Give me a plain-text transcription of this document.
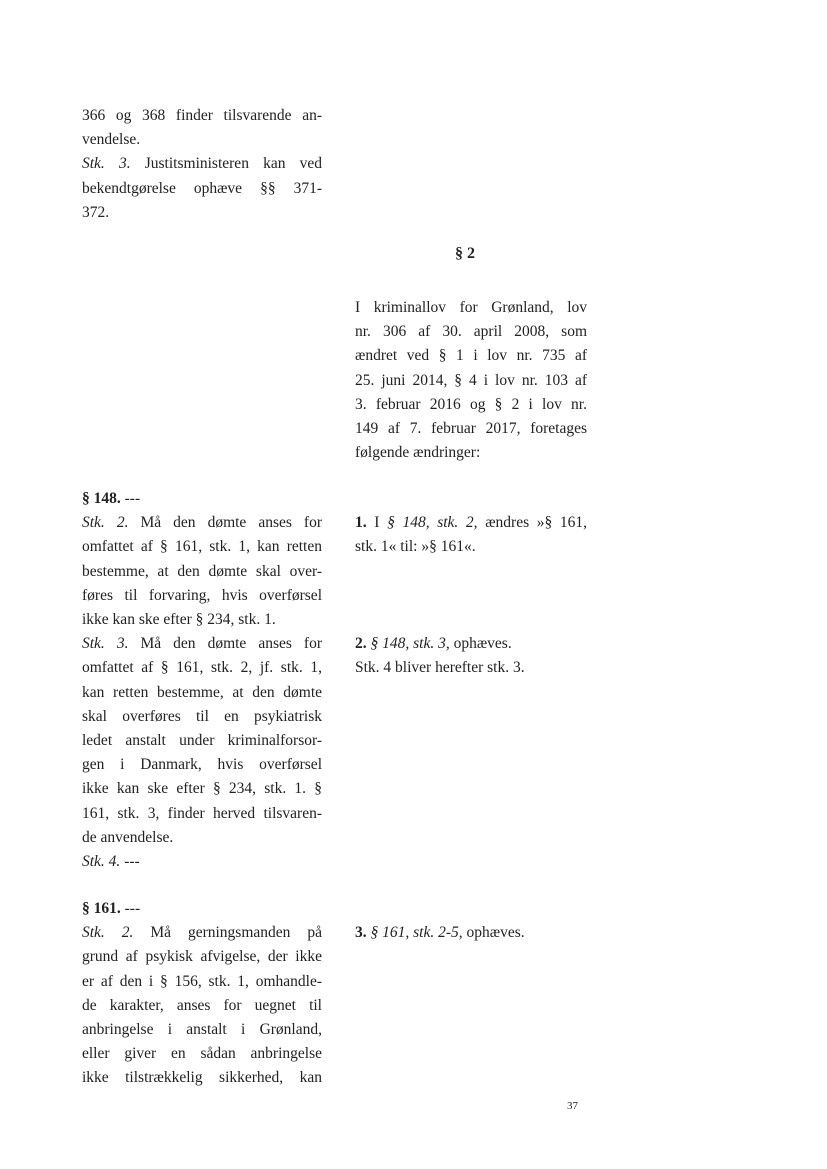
366 og 368 finder tilsvarende an-
vendelse.
Stk. 3. Justitsministeren kan ved
bekendtgørelse ophæve §§ 371-
372.
§ 2
I kriminallov for Grønland, lov
nr. 306 af 30. april 2008, som
ændret ved § 1 i lov nr. 735 af
25. juni 2014, § 4 i lov nr. 103 af
3. februar 2016 og § 2 i lov nr.
149 af 7. februar 2017, foretages
følgende ændringer:
§ 148. ---
Stk. 2. Må den dømte anses for
omfattet af § 161, stk. 1, kan retten
bestemme, at den dømte skal over-
føres til forvaring, hvis overførsel
ikke kan ske efter § 234, stk. 1.
Stk. 3. Må den dømte anses for
omfattet af § 161, stk. 2, jf. stk. 1,
kan retten bestemme, at den dømte
skal overføres til en psykiatrisk
ledet anstalt under kriminalforsor-
gen i Danmark, hvis overførsel
ikke kan ske efter § 234, stk. 1. §
161, stk. 3, finder herved tilsvaren-
de anvendelse.
Stk. 4. ---
1. I § 148, stk. 2, ændres »§ 161,
stk. 1« til: »§ 161«.
2. § 148, stk. 3, ophæves.
Stk. 4 bliver herefter stk. 3.
§ 161. ---
Stk. 2. Må gerningsmanden på
grund af psykisk afvigelse, der ikke
er af den i § 156, stk. 1, omhandle-
de karakter, anses for uegnet til
anbringelse i anstalt i Grønland,
eller giver en sådan anbringelse
ikke tilstrækkelig sikkerhed, kan
3. § 161, stk. 2-5, ophæves.
37
